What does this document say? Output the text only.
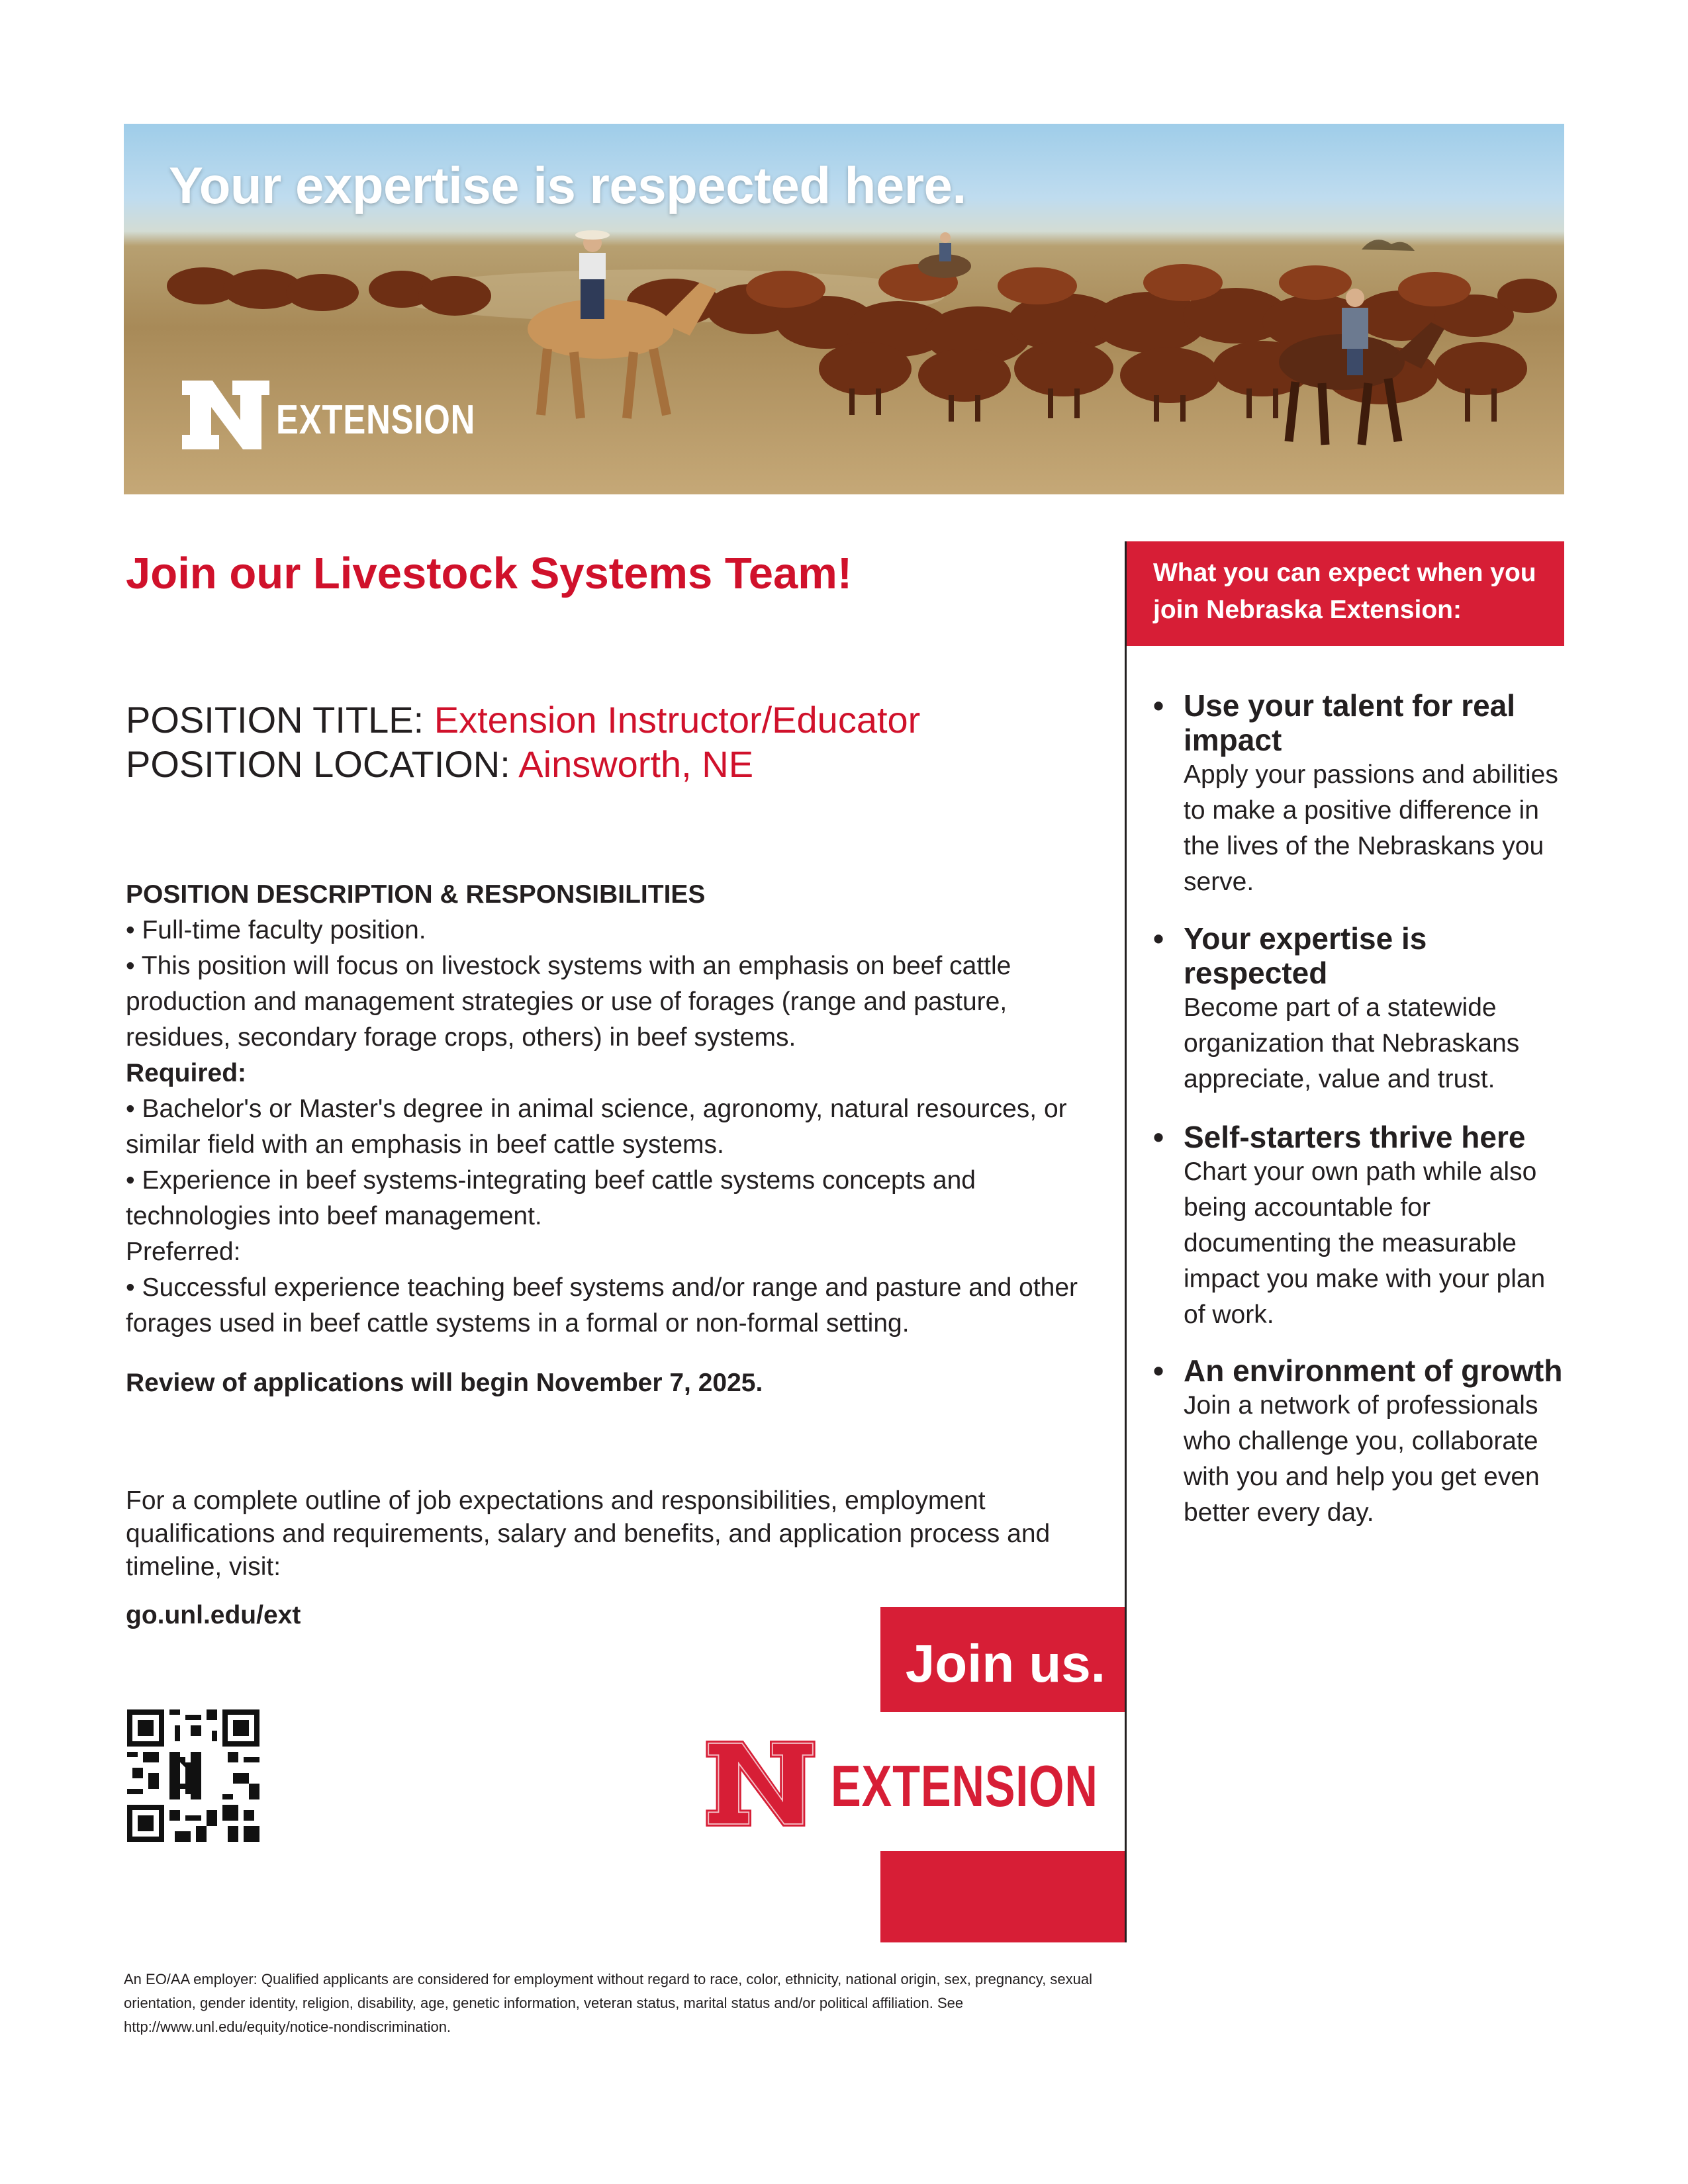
Your expertise is respected here.
EXTENSION
Join our Livestock Systems Team!
POSITION TITLE: Extension Instructor/Educator
POSITION LOCATION: Ainsworth, NE

POSITION DESCRIPTION & RESPONSIBILITIES

• Full-time faculty position.

• This position will focus on livestock systems with an emphasis on beef cattle production and management strategies or use of forages (range and pasture, residues, secondary forage crops, others) in beef systems.

Required:

• Bachelor's or Master's degree in animal science, agronomy, natural resources, or similar field with an emphasis in beef cattle systems.

• Experience in beef systems-integrating beef cattle systems concepts and technologies into beef management.

Preferred:

• Successful experience teaching beef systems and/or range and pasture and other forages used in beef cattle systems in a formal or non-formal setting.

Review of applications will begin November 7, 2025.
For a complete outline of job expectations and responsibilities, employment qualifications and requirements, salary and benefits, and application process and timeline, visit:
go.unl.edu/ext
Join us.
EXTENSION
What you can expect when you join Nebraska Extension:
• Use your talent for real impact
Apply your passions and abilities to make a positive difference in the lives of the Nebraskans you serve.
• Your expertise is respected
Become part of a statewide organization that Nebraskans appreciate, value and trust.
• Self-starters thrive here
Chart your own path while also being accountable for documenting the measurable impact you make with your plan of work.
• An environment of growth
Join a network of professionals who challenge you, collaborate with you and help you get even better every day.
An EO/AA employer: Qualified applicants are considered for employment without regard to race, color, ethnicity, national origin, sex, pregnancy, sexual orientation, gender identity, religion, disability, age, genetic information, veteran status, marital status and/or political affiliation. See http://www.unl.edu/equity/notice-nondiscrimination.
